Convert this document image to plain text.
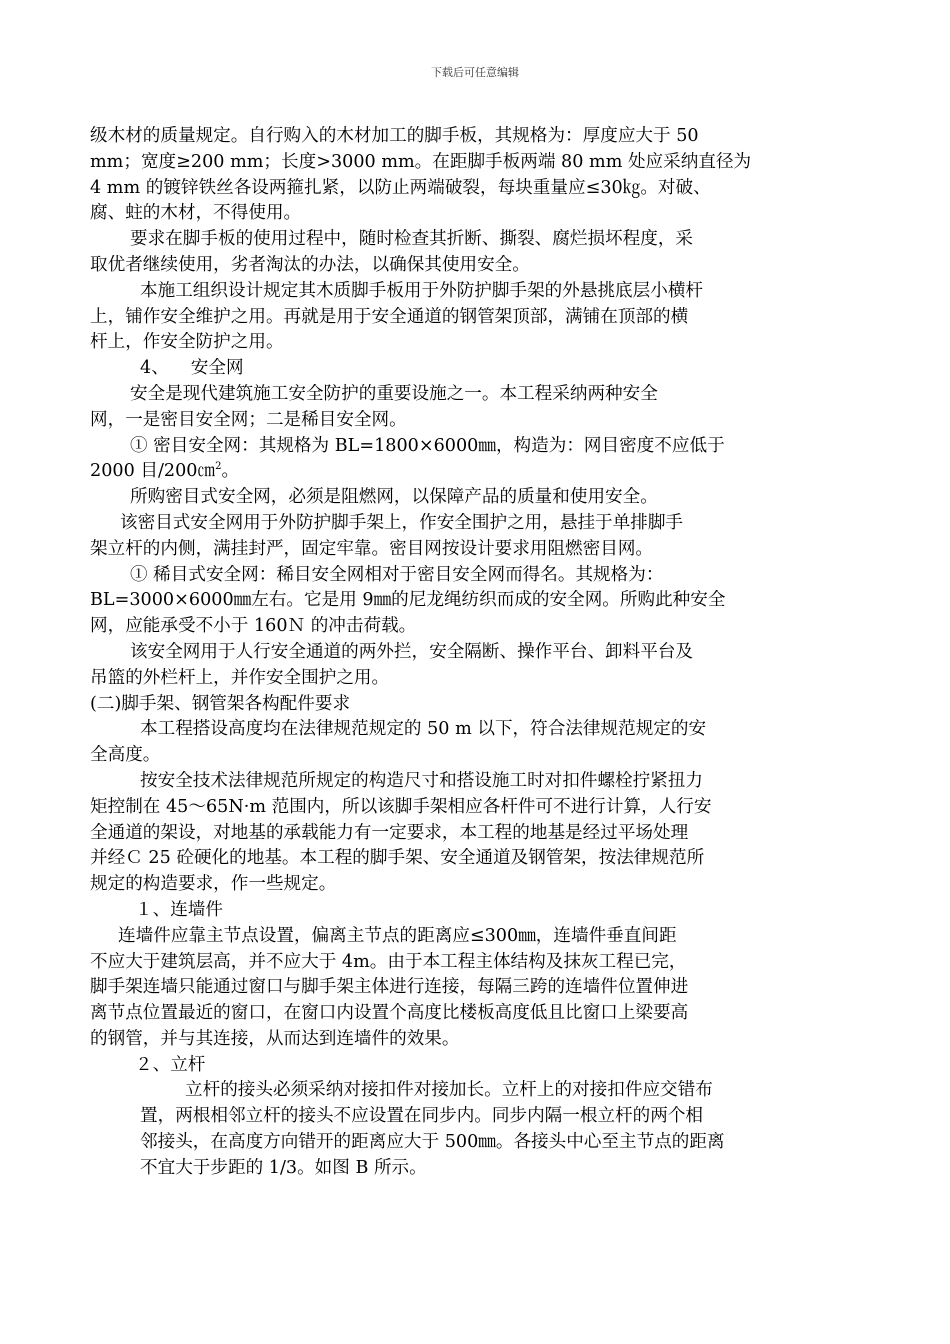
下载后可任意编辑
级木材的质量规定。自行购入的木材加工的脚手板，其规格为：厚度应大于 50
mm；宽度≥200 mm；长度>3000 mm。在距脚手板两端 80 mm 处应采纳直径为
4 mm 的镀锌铁丝各设两箍扎紧，以防止两端破裂，每块重量应≤30㎏。对破、
腐、蛀的木材，不得使用。
要求在脚手板的使用过程中，随时检查其折断、撕裂、腐烂损坏程度，采
取优者继续使用，劣者淘汰的办法，以确保其使用安全。
本施工组织设计规定其木质脚手板用于外防护脚手架的外悬挑底层小横杆
上，铺作安全维护之用。再就是用于安全通道的钢管架顶部，满铺在顶部的横
杆上，作安全防护之用。
4、 安全网
安全是现代建筑施工安全防护的重要设施之一。本工程采纳两种安全
网，一是密目安全网；二是稀目安全网。
① 密目安全网：其规格为 BL=1800×6000㎜，构造为：网目密度不应低于
2000 目/200㎝$^2$。
所购密目式安全网，必须是阻燃网，以保障产品的质量和使用安全。
该密目式安全网用于外防护脚手架上，作安全围护之用，悬挂于单排脚手
架立杆的内侧，满挂封严，固定牢靠。密目网按设计要求用阻燃密目网。
① 稀目式安全网：稀目安全网相对于密目安全网而得名。其规格为：
BL=3000×6000㎜左右。它是用 9㎜的尼龙绳纺织而成的安全网。所购此种安全
网，应能承受不小于 160Ｎ 的冲击荷载。
该安全网用于人行安全通道的两外拦，安全隔断、操作平台、卸料平台及
吊篮的外栏杆上，并作安全围护之用。
(二)脚手架、钢管架各构配件要求
本工程搭设高度均在法律规范规定的 50 m 以下，符合法律规范规定的安
全高度。
按安全技术法律规范所规定的构造尺寸和搭设施工时对扣件螺栓拧紧扭力
矩控制在 45～65N·m 范围内，所以该脚手架相应各杆件可不进行计算，人行安
全通道的架设，对地基的承载能力有一定要求，本工程的地基是经过平场处理
并经Ｃ 25 砼硬化的地基。本工程的脚手架、安全通道及钢管架，按法律规范所
规定的构造要求，作一些规定。
１、连墙件
连墙件应靠主节点设置，偏离主节点的距离应≤300㎜，连墙件垂直间距
不应大于建筑层高，并不应大于 4m。由于本工程主体结构及抹灰工程已完，
脚手架连墙只能通过窗口与脚手架主体进行连接，每隔三跨的连墙件位置伸进
离节点位置最近的窗口，在窗口内设置个高度比楼板高度低且比窗口上梁要高
的钢管，并与其连接，从而达到连墙件的效果。
２、立杆
立杆的接头必须采纳对接扣件对接加长。立杆上的对接扣件应交错布
置，两根相邻立杆的接头不应设置在同步内。同步内隔一根立杆的两个相
邻接头，在高度方向错开的距离应大于 500㎜。各接头中心至主节点的距离
不宜大于步距的 1/3。如图 B 所示。
